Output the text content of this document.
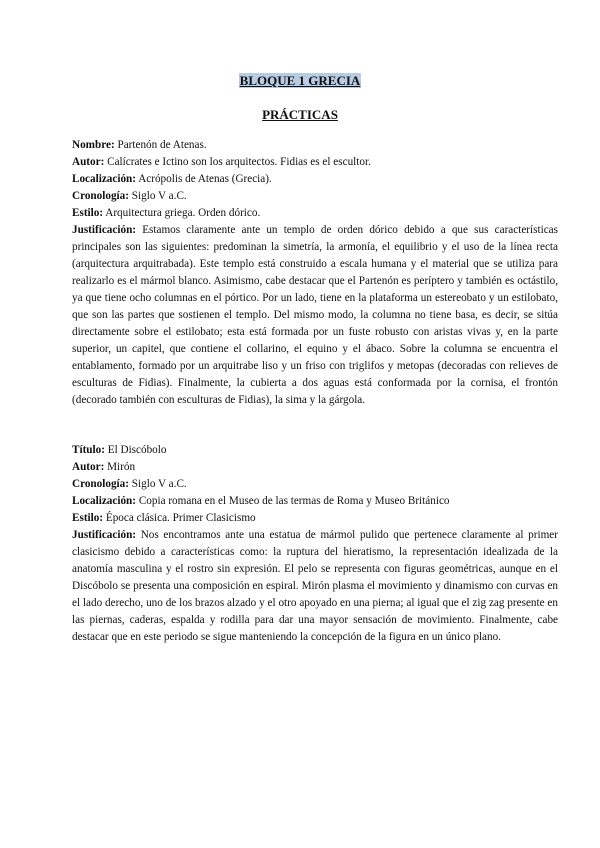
BLOQUE 1 GRECIA
PRÁCTICAS
Nombre: Partenón de Atenas.
Autor: Calícrates e Ictino son los arquitectos. Fidias es el escultor.
Localización: Acrópolis de Atenas (Grecia).
Cronología: Siglo V a.C.
Estilo: Arquitectura griega. Orden dórico.
Justificación: Estamos claramente ante un templo de orden dórico debido a que sus características principales son las siguientes: predominan la simetría, la armonía, el equilibrio y el uso de la línea recta (arquitectura arquitrabada). Este templo está construido a escala humana y el material que se utiliza para realizarlo es el mármol blanco. Asimismo, cabe destacar que el Partenón es períptero y también es octástilo, ya que tiene ocho columnas en el pórtico. Por un lado, tiene en la plataforma un estereobato y un estilobato, que son las partes que sostienen el templo. Del mismo modo, la columna no tiene basa, es decir, se sitúa directamente sobre el estilobato; esta está formada por un fuste robusto con aristas vivas y, en la parte superior, un capitel, que contiene el collarino, el equino y el ábaco. Sobre la columna se encuentra el entablamento, formado por un arquitrabe liso y un friso con triglifos y metopas (decoradas con relieves de esculturas de Fidias). Finalmente, la cubierta a dos aguas está conformada por la cornisa, el frontón (decorado también con esculturas de Fidias), la sima y la gárgola.
Título: El Discóbolo
Autor: Mirón
Cronología: Siglo V a.C.
Localización: Copia romana en el Museo de las termas de Roma y Museo Británico
Estilo: Época clásica. Primer Clasicismo
Justificación: Nos encontramos ante una estatua de mármol pulido que pertenece claramente al primer clasicismo debido a características como: la ruptura del hieratismo, la representación idealizada de la anatomía masculina y el rostro sin expresión. El pelo se representa con figuras geométricas, aunque en el Discóbolo se presenta una composición en espiral. Mirón plasma el movimiento y dinamismo con curvas en el lado derecho, uno de los brazos alzado y el otro apoyado en una pierna; al igual que el zig zag presente en las piernas, caderas, espalda y rodilla para dar una mayor sensación de movimiento. Finalmente, cabe destacar que en este periodo se sigue manteniendo la concepción de la figura en un único plano.
